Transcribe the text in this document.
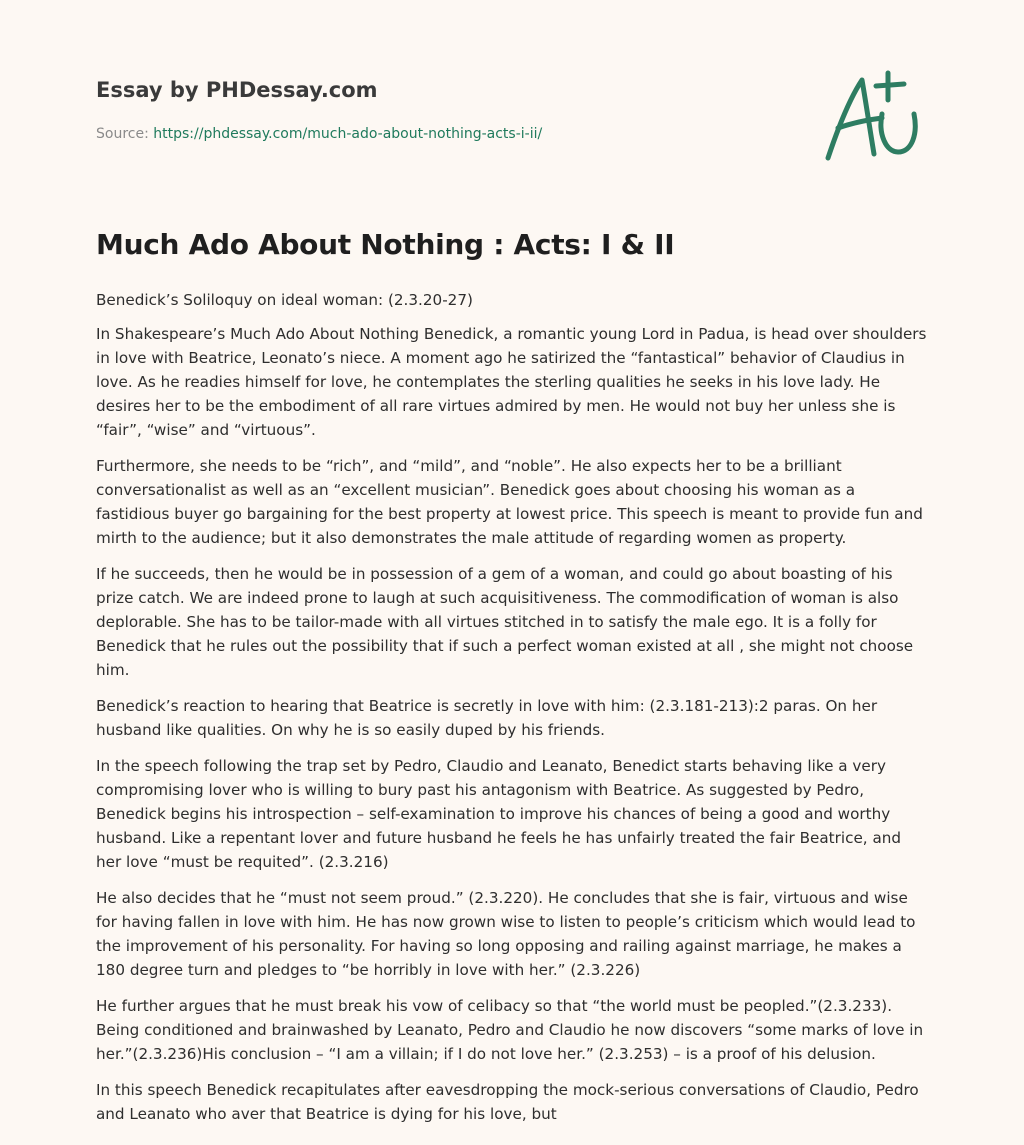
Essay by PHDessay.com
Source: https://phdessay.com/much-ado-about-nothing-acts-i-ii/
Much Ado About Nothing : Acts: I & II

Benedick’s Soliloquy on ideal woman: (2.3.20-27)

In Shakespeare’s Much Ado About Nothing Benedick, a romantic young Lord in Padua, is head over shoulders in love with Beatrice, Leonato’s niece. A moment ago he satirized the “fantastical” behavior of Claudius in love. As he readies himself for love, he contemplates the sterling qualities he seeks in his love lady. He desires her to be the embodiment of all rare virtues admired by men. He would not buy her unless she is “fair”, “wise” and “virtuous”.

Furthermore, she needs to be “rich”, and “mild”, and “noble”. He also expects her to be a brilliant conversationalist as well as an “excellent musician”. Benedick goes about choosing his woman as a fastidious buyer go bargaining for the best property at lowest price. This speech is meant to provide fun and mirth to the audience; but it also demonstrates the male attitude of regarding women as property.

If he succeeds, then he would be in possession of a gem of a woman, and could go about boasting of his prize catch. We are indeed prone to laugh at such acquisitiveness. The commodification of woman is also deplorable. She has to be tailor-made with all virtues stitched in to satisfy the male ego. It is a folly for Benedick that he rules out the possibility that if such a perfect woman existed at all , she might not choose him.

Benedick’s reaction to hearing that Beatrice is secretly in love with him: (2.3.181-213):2 paras. On her husband like qualities. On why he is so easily duped by his friends.

In the speech following the trap set by Pedro, Claudio and Leanato, Benedict starts behaving like a very compromising lover who is willing to bury past his antagonism with Beatrice. As suggested by Pedro, Benedick begins his introspection – self-examination to improve his chances of being a good and worthy husband. Like a repentant lover and future husband he feels he has unfairly treated the fair Beatrice, and her love “must be requited”. (2.3.216)

He also decides that he “must not seem proud.” (2.3.220). He concludes that she is fair, virtuous and wise for having fallen in love with him. He has now grown wise to listen to people’s criticism which would lead to the improvement of his personality. For having so long opposing and railing against marriage, he makes a 180 degree turn and pledges to “be horribly in love with her.” (2.3.226)

He further argues that he must break his vow of celibacy so that “the world must be peopled.”(2.3.233). Being conditioned and brainwashed by Leanato, Pedro and Claudio he now discovers “some marks of love in her.”(2.3.236)His conclusion – “I am a villain; if I do not love her.” (2.3.253) – is a proof of his delusion.

In this speech Benedick recapitulates after eavesdropping the mock-serious conversations of Claudio, Pedro and Leanato who aver that Beatrice is dying for his love, but
